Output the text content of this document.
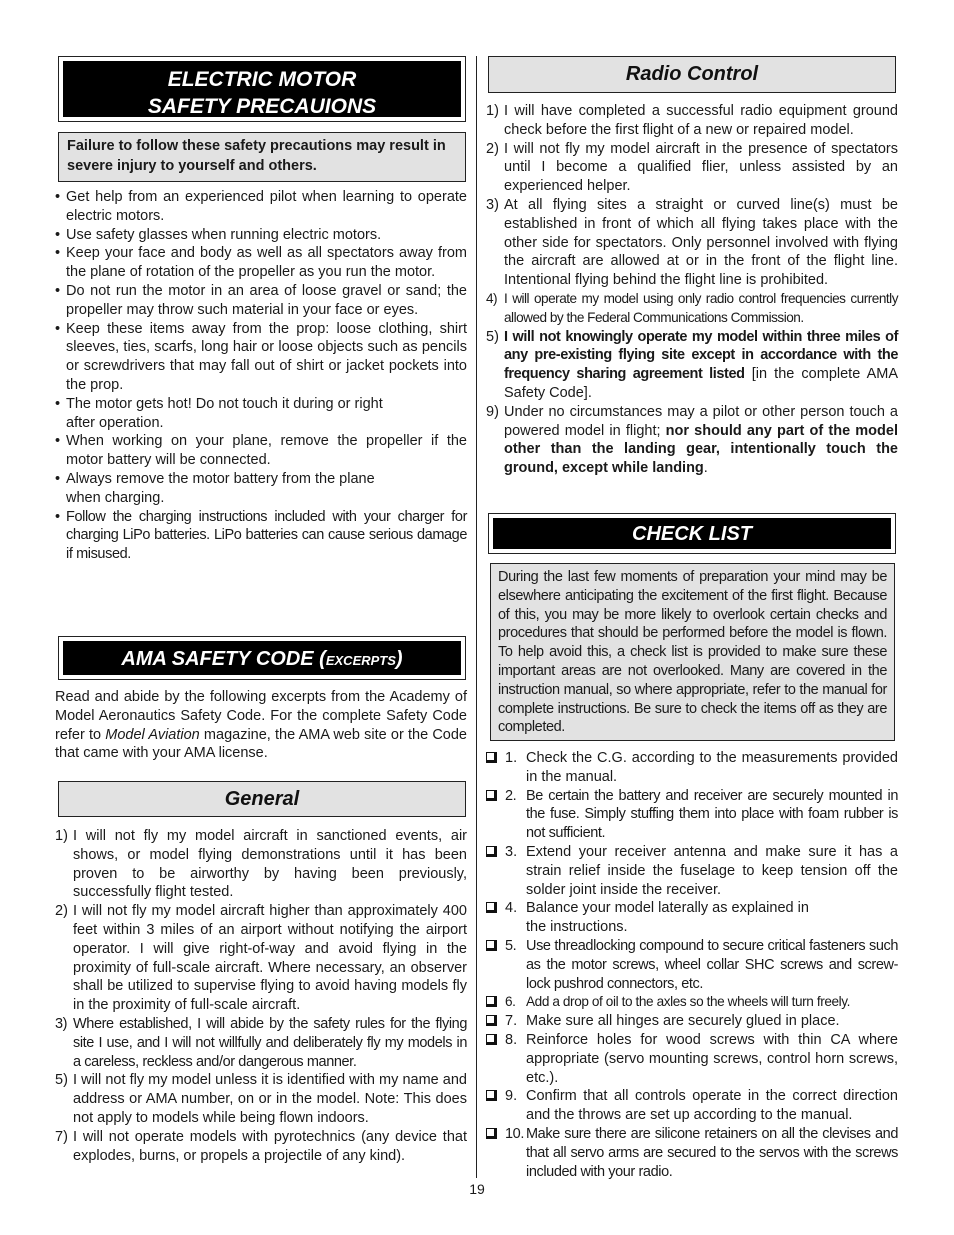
ELECTRIC MOTOR
SAFETY PRECAUIONS
Failure to follow these safety precautions may result in severe injury to yourself and others.
• Get help from an experienced pilot when learning to operate electric motors.
• Use safety glasses when running electric motors.
• Keep your face and body as well as all spectators away from the plane of rotation of the propeller as you run the motor.
• Do not run the motor in an area of loose gravel or sand; the propeller may throw such material in your face or eyes.
• Keep these items away from the prop: loose clothing, shirt sleeves, ties, scarfs, long hair or loose objects such as pencils or screwdrivers that may fall out of shirt or jacket pockets into the prop.
• The motor gets hot! Do not touch it during or right after operation.
• When working on your plane, remove the propeller if the motor battery will be connected.
• Always remove the motor battery from the plane when charging.
• Follow the charging instructions included with your charger for charging LiPo batteries. LiPo batteries can cause serious damage if misused.
AMA SAFETY CODE (EXCERPTS)
Read and abide by the following excerpts from the Academy of Model Aeronautics Safety Code. For the complete Safety Code refer to Model Aviation magazine, the AMA web site or the Code that came with your AMA license.
General
1) I will not fly my model aircraft in sanctioned events, air shows, or model flying demonstrations until it has been proven to be airworthy by having been previously, successfully flight tested.
2) I will not fly my model aircraft higher than approximately 400 feet within 3 miles of an airport without notifying the airport operator. I will give right-of-way and avoid flying in the proximity of full-scale aircraft. Where necessary, an observer shall be utilized to supervise flying to avoid having models fly in the proximity of full-scale aircraft.
3) Where established, I will abide by the safety rules for the flying site I use, and I will not willfully and deliberately fly my models in a careless, reckless and/or dangerous manner.
5) I will not fly my model unless it is identified with my name and address or AMA number, on or in the model. Note: This does not apply to models while being flown indoors.
7) I will not operate models with pyrotechnics (any device that explodes, burns, or propels a projectile of any kind).
Radio Control
1) I will have completed a successful radio equipment ground check before the first flight of a new or repaired model.
2) I will not fly my model aircraft in the presence of spectators until I become a qualified flier, unless assisted by an experienced helper.
3) At all flying sites a straight or curved line(s) must be established in front of which all flying takes place with the other side for spectators. Only personnel involved with flying the aircraft are allowed at or in the front of the flight line. Intentional flying behind the flight line is prohibited.
4) I will operate my model using only radio control frequencies currently allowed by the Federal Communications Commission.
5) I will not knowingly operate my model within three miles of any pre-existing flying site except in accordance with the frequency sharing agreement listed [in the complete AMA Safety Code].
9) Under no circumstances may a pilot or other person touch a powered model in flight; nor should any part of the model other than the landing gear, intentionally touch the ground, except while landing.
CHECK LIST
During the last few moments of preparation your mind may be elsewhere anticipating the excitement of the first flight. Because of this, you may be more likely to overlook certain checks and procedures that should be performed before the model is flown. To help avoid this, a check list is provided to make sure these important areas are not overlooked. Many are covered in the instruction manual, so where appropriate, refer to the manual for complete instructions. Be sure to check the items off as they are completed.
1. Check the C.G. according to the measurements provided in the manual.
2. Be certain the battery and receiver are securely mounted in the fuse. Simply stuffing them into place with foam rubber is not sufficient.
3. Extend your receiver antenna and make sure it has a strain relief inside the fuselage to keep tension off the solder joint inside the receiver.
4. Balance your model laterally as explained in the instructions.
5. Use threadlocking compound to secure critical fasteners such as the motor screws, wheel collar SHC screws and screw-lock pushrod connectors, etc.
6. Add a drop of oil to the axles so the wheels will turn freely.
7. Make sure all hinges are securely glued in place.
8. Reinforce holes for wood screws with thin CA where appropriate (servo mounting screws, control horn screws, etc.).
9. Confirm that all controls operate in the correct direction and the throws are set up according to the manual.
10. Make sure there are silicone retainers on all the clevises and that all servo arms are secured to the servos with the screws included with your radio.
19
